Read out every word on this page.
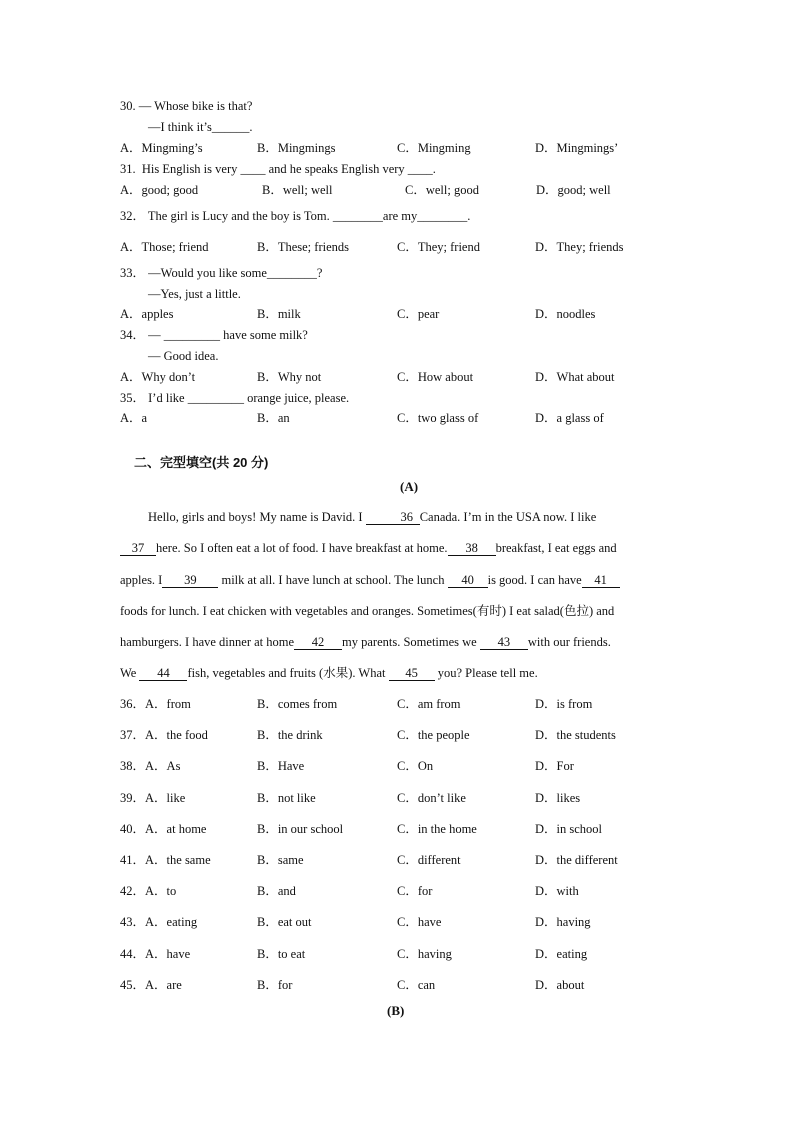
30. — Whose bike is that?
—I think it’s______.
A．Mingming’s	B．Mingmings	C．Mingming	D．Mingmings’
31. His English is very ____ and he speaks English very ____.
A．good; good	B．well; well	C．well; good	D．good; well
32． The girl is Lucy and the boy is Tom. ________are my________.
A．Those; friend	B．These; friends	C．They; friend	D．They; friends
33． —Would you like some________?
—Yes, just a little.
A．apples	B．milk	C．pear	D．noodles
34． — _________ have some milk?
— Good idea.
A．Why don’t	B．Why not	C．How about	D．What about
35． I’d like _________ orange juice, please.
A．a	B．an	C．two glass of	D．a glass of
二、完型填空(共 20 分)
(A)
Hello, girls and boys! My name is David. I	36 Canada. I’m in the USA now. I like
37 here. So I often eat a lot of food. I have breakfast at home. 38 breakfast, I eat eggs and
apples. I 39 milk at all. I have lunch at school. The lunch 40 is good. I can have 41
foods for lunch. I eat chicken with vegetables and oranges. Sometimes(有时) I eat salad(色拉) and
hamburgers. I have dinner at home 42 my parents. Sometimes we 43 with our friends.
We 44 fish, vegetables and fruits (水果). What 45 you? Please tell me.
36．A．from	B．comes from	C．am from	D．is from
37．A．the food	B．the drink	C．the people	D．the students
38．A．As	B．Have	C．On	D．For
39．A．like	B．not like	C．don’t like	D．likes
40．A．at home	B．in our school	C．in the home	D．in school
41．A．the same	B．same	C．different	D．the different
42．A．to	B．and	C．for	D．with
43．A．eating	B．eat out	C．have	D．having
44．A．have	B．to eat	C．having	D．eating
45．A．are	B．for	C．can	D．about
(B)
